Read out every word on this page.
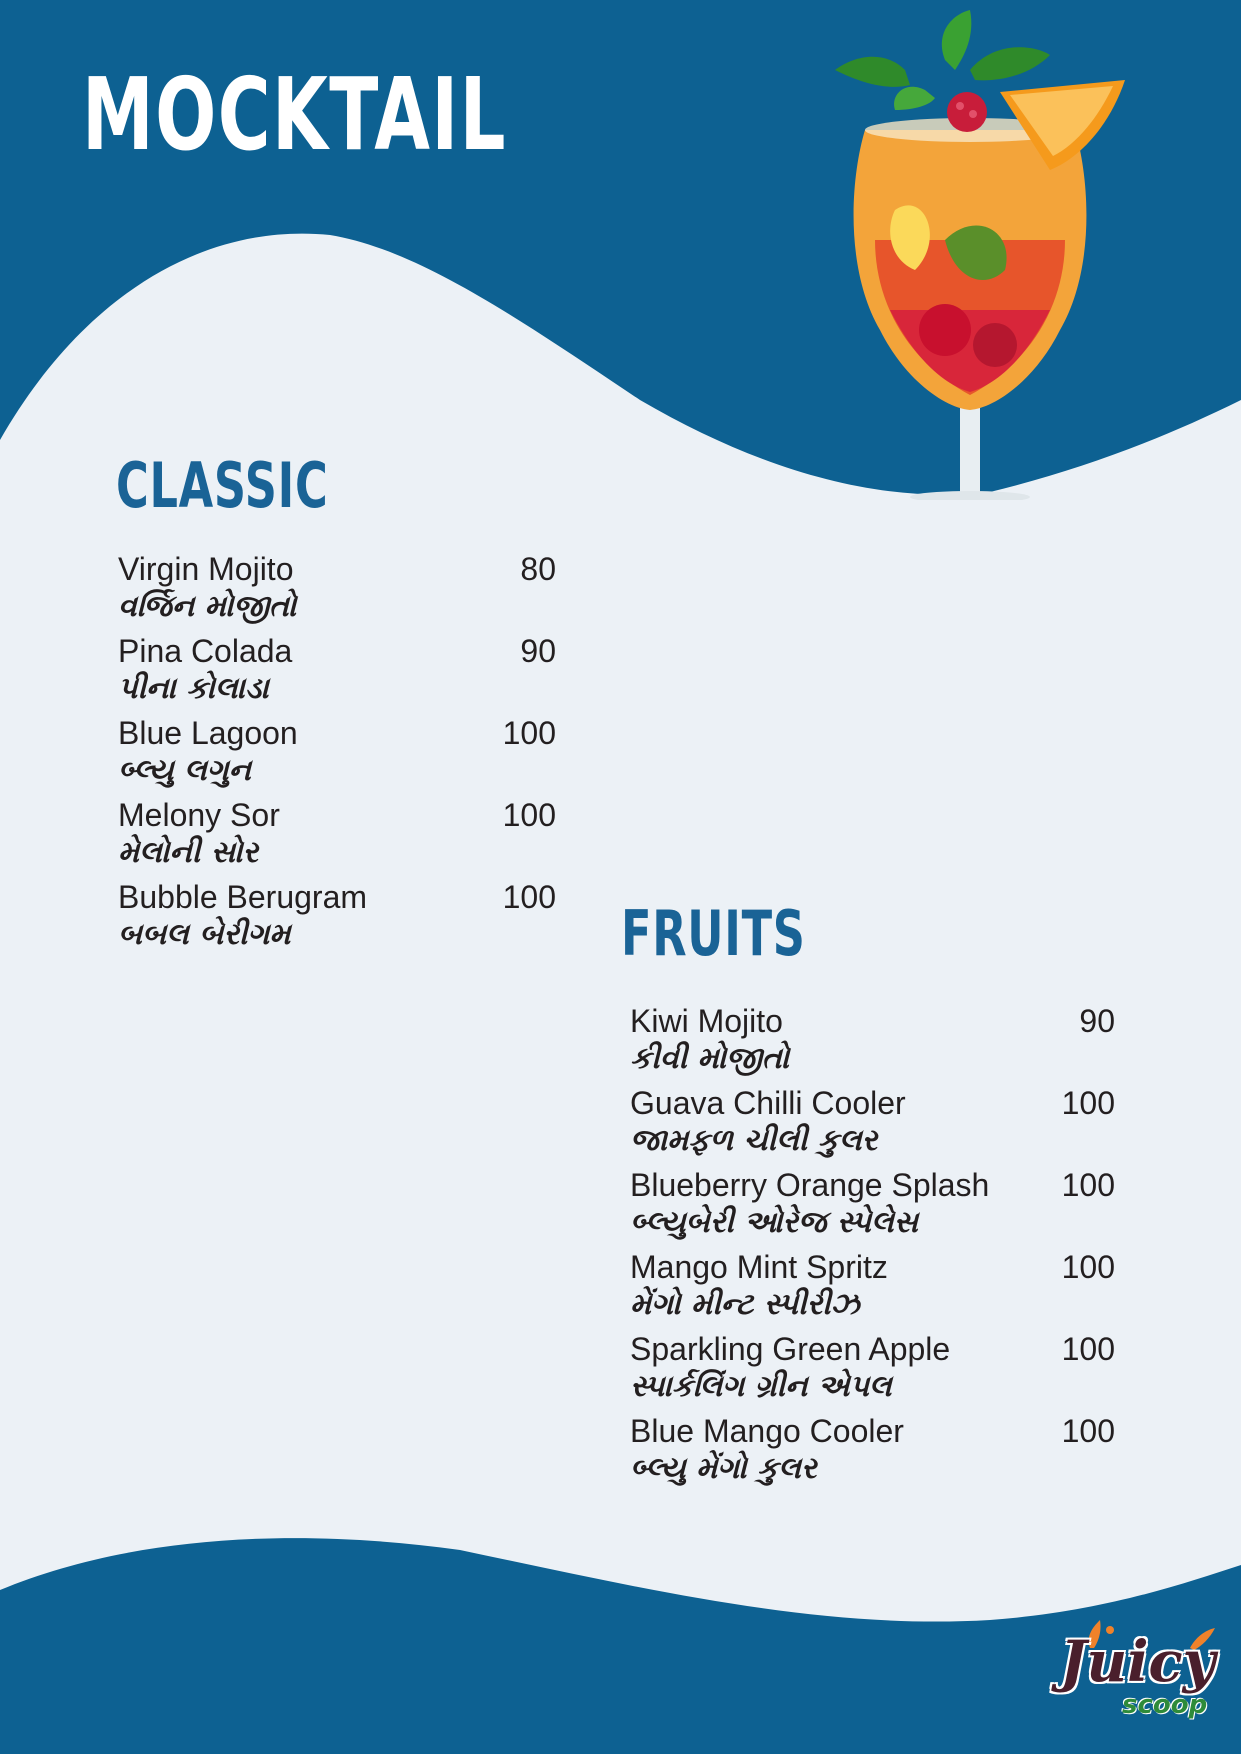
MOCKTAIL
CLASSIC
Virgin Mojito	80
વર્જિન મોજીતો
Pina Colada	90
પીના કોલાડા
Blue Lagoon	100
બ્લ્યુ લગુન
Melony Sor	100
મેલોની સોર
Bubble Berugram	100
બબલ બેરીગમ	FRUITS
Kiwi Mojito	90
કીવી મોજીતો
Guava Chilli Cooler	100
જામફળ ચીલી કુલર
Blueberry Orange Splash 100
બ્લ્યુબેરી ઓરેજ સ્પેલેસ
Mango Mint Spritz	100
મેંગો મીન્ટ સ્પીરીઝ
Sparkling Green Apple	100
સ્પાર્કલિંગ ગ્રીન એપલ
Blue Mango Cooler	100
બ્લ્યુ મેંગો કુલર

Juicy

scoop
